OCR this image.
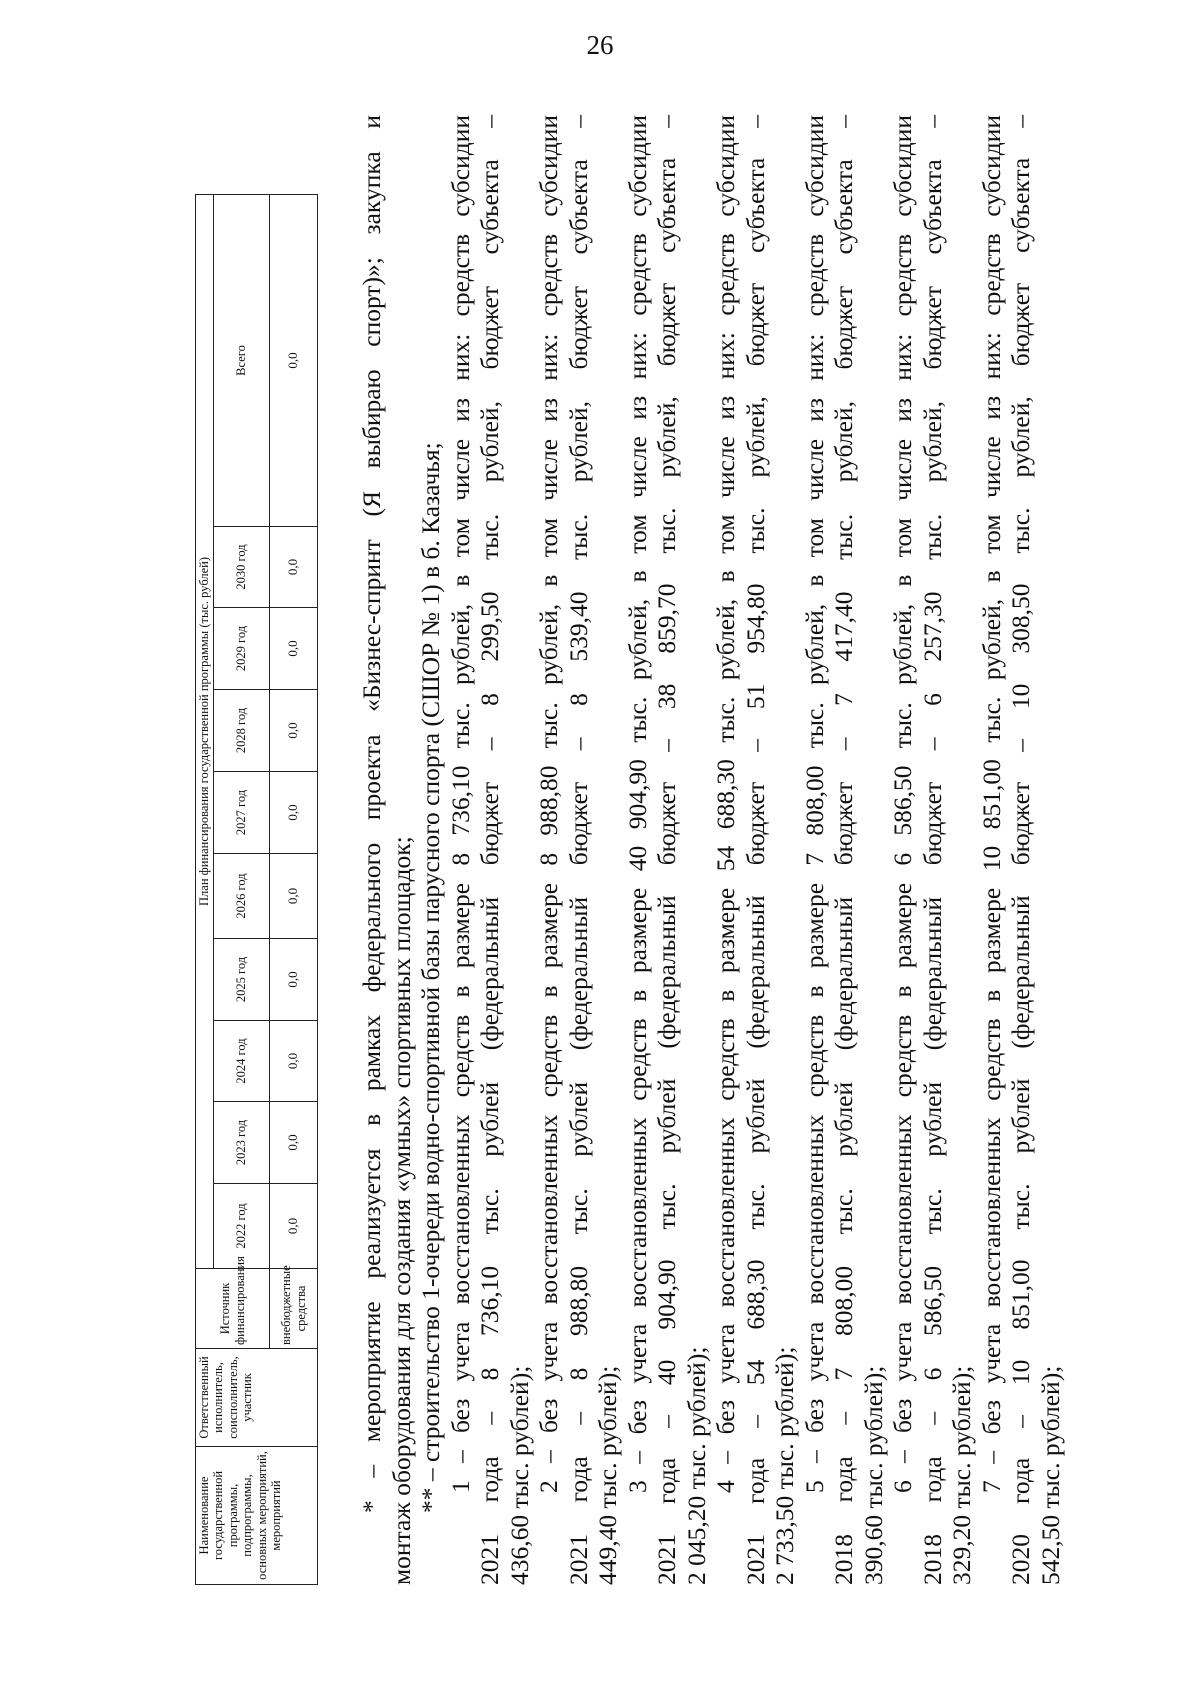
26
Наименование государственной программы, подпрограммы, основных мероприятий, мероприятий	Ответственный исполнитель, соисполнитель, участник	Источник финансирования	План финансирования государственной программы (тыс. рублей)										
			2022 год	2023 год	2024 год	2025 год	2026 год	2027 год	2028 год	2029 год	2030 год	Всего	
		внебюджетные средства	0,0	0,0	0,0	0,0	0,0	0,0	0,0	0,0	0,0	0,0	* – мероприятие реализуется в рамках федерального проекта «Бизнес-спринт (Я выбираю спорт)»; закупка и монтаж оборудования для создания «умных» спортивных площадок; ** – строительство 1-очереди водно-спортивной базы парусного спорта (СШОР № 1) в б. Казачья; 1 – без учета восстановленных средств в размере 8 736,10 тыс. рублей, в том числе из них: средств субсидии 2021 года – 8 736,10 тыс. рублей (федеральный бюджет – 8 299,50 тыс. рублей, бюджет субъекта – 436,60 тыс. рублей); 2 – без учета восстановленных средств в размере 8 988,80 тыс. рублей, в том числе из них: средств субсидии 2021 года – 8 988,80 тыс. рублей (федеральный бюджет – 8 539,40 тыс. рублей, бюджет субъекта – 449,40 тыс. рублей); 3 – без учета восстановленных средств в размере 40 904,90 тыс. рублей, в том числе из них: средств субсидии 2021 года – 40 904,90 тыс. рублей (федеральный бюджет – 38 859,70 тыс. рублей, бюджет субъекта – 2 045,20 тыс. рублей); 4 – без учета восстановленных средств в размере 54 688,30 тыс. рублей, в том числе из них: средств субсидии 2021 года – 54 688,30 тыс. рублей (федеральный бюджет – 51 954,80 тыс. рублей, бюджет субъекта – 2 733,50 тыс. рублей); 5 – без учета восстановленных средств в размере 7 808,00 тыс. рублей, в том числе из них: средств субсидии 2018 года – 7 808,00 тыс. рублей (федеральный бюджет – 7 417,40 тыс. рублей, бюджет субъекта – 390,60 тыс. рублей); 6 – без учета восстановленных средств в размере 6 586,50 тыс. рублей, в том числе из них: средств субсидии 2018 года – 6 586,50 тыс. рублей (федеральный бюджет – 6 257,30 тыс. рублей, бюджет субъекта – 329,20 тыс. рублей); 7 – без учета восстановленных средств в размере 10 851,00 тыс. рублей, в том числе из них: средств субсидии 2020 года – 10 851,00 тыс. рублей (федеральный бюджет – 10 308,50 тыс. рублей, бюджет субъекта – 542,50 тыс. рублей);
